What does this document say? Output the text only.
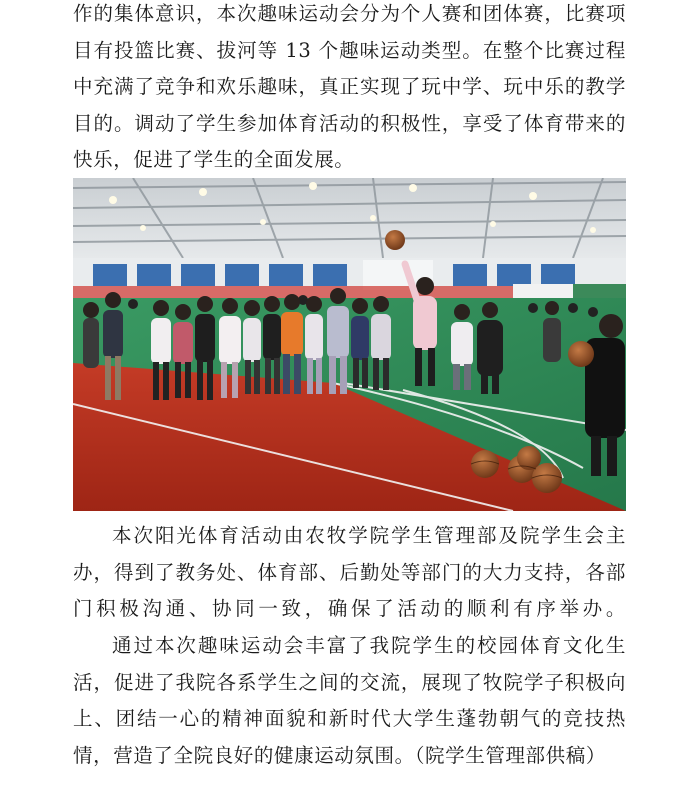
作的集体意识，本次趣味运动会分为个人赛和团体赛，比赛项目有投篮比赛、拔河等 13 个趣味运动类型。在整个比赛过程中充满了竞争和欢乐趣味，真正实现了玩中学、玩中乐的教学目的。调动了学生参加体育活动的积极性，享受了体育带来的快乐，促进了学生的全面发展。

本次阳光体育活动由农牧学院学生管理部及院学生会主办，得到了教务处、体育部、后勤处等部门的大力支持，各部门积极沟通、协同一致，确保了活动的顺利有序举办。

通过本次趣味运动会丰富了我院学生的校园体育文化生活，促进了我院各系学生之间的交流，展现了牧院学子积极向上、团结一心的精神面貌和新时代大学生蓬勃朝气的竞技热情，营造了全院良好的健康运动氛围。（院学生管理部供稿）
